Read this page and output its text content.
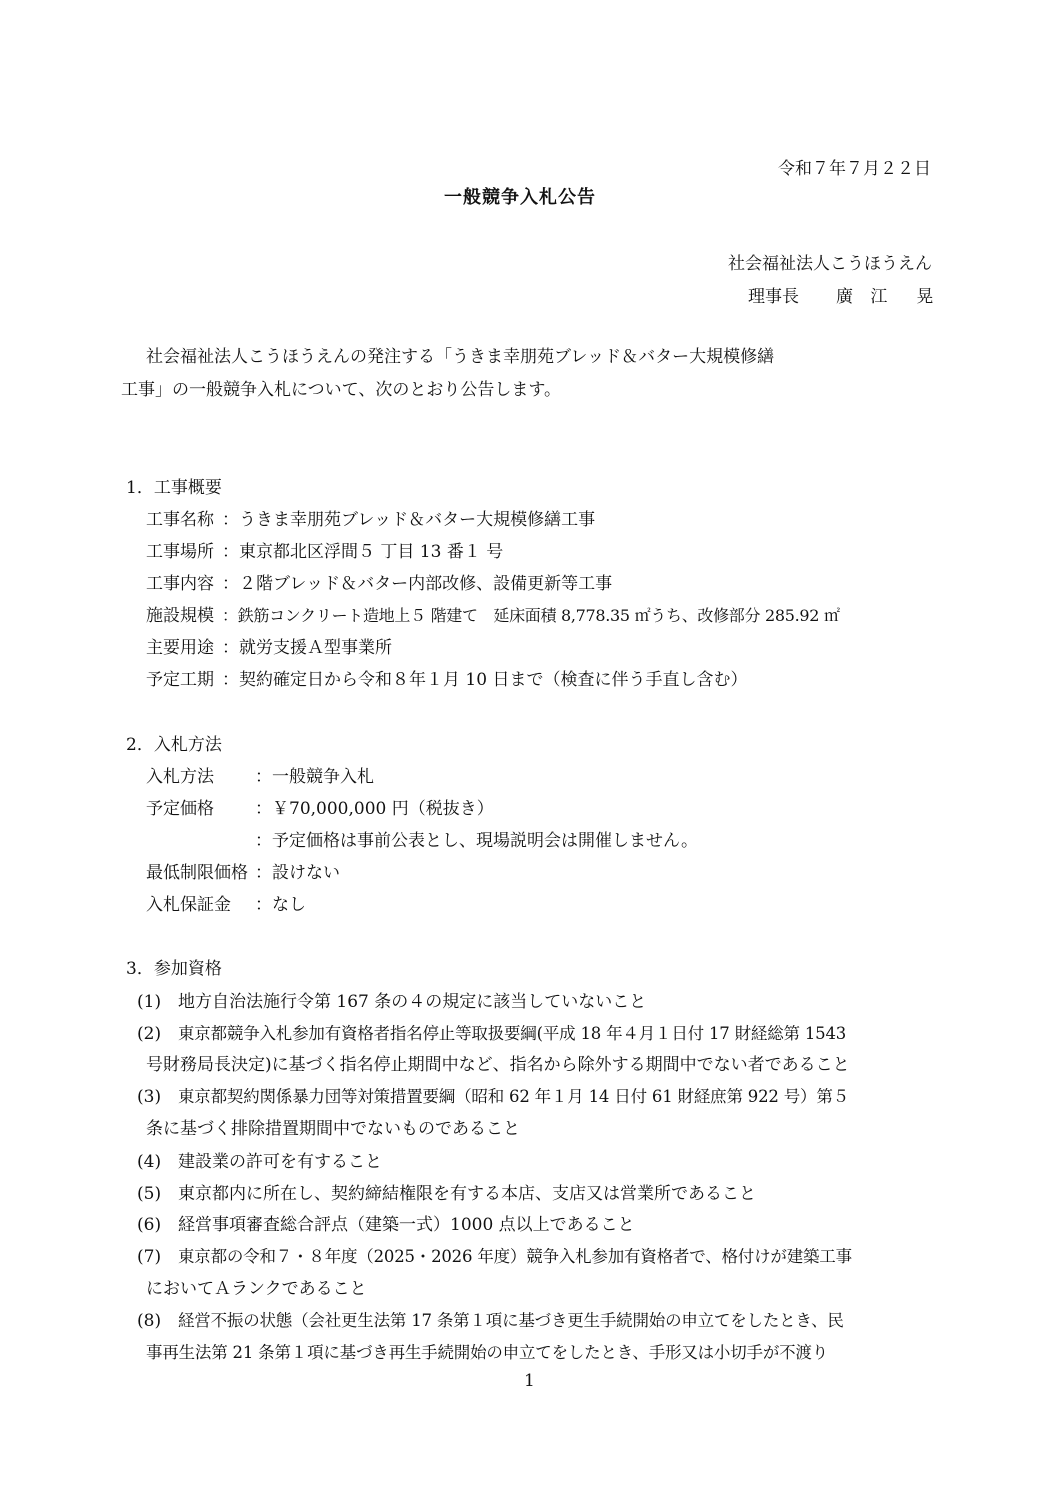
令和７年７月２２日
一般競争入札公告
社会福祉法人こうほうえん
理事長 廣 江　晃
社会福祉法人こうほうえんの発注する「うきま幸朋苑ブレッド＆バター大規模修繕
工事」の一般競争入札について、次のとおり公告します。
1．工事概要
工事名称 ：うきま幸朋苑ブレッド＆バター大規模修繕工事
工事場所 ：東京都北区浮間５ 丁目 13 番１ 号
工事内容 ：２階ブレッド＆バター内部改修、設備更新等工事
施設規模 ：鉄筋コンクリート造地上５ 階建て　延床面積 8,778.35 ㎡うち、改修部分 285.92 ㎡
主要用途 ：就労支援Ａ型事業所
予定工期 ：契約確定日から令和８年１月 10 日まで（検査に伴う手直し含む）
2．入札方法
入札方法 ：一般競争入札
予定価格 ：￥70,000,000 円（税抜き）
：予定価格は事前公表とし、現場説明会は開催しません。
最低制限価格 ：設けない
入札保証金 ：なし
3．参加資格
(1) 地方自治法施行令第 167 条の４の規定に該当していないこと
(2) 東京都競争入札参加有資格者指名停止等取扱要綱(平成 18 年４月１日付 17 財経総第 1543
号財務局長決定)に基づく指名停止期間中など、指名から除外する期間中でない者であること
(3) 東京都契約関係暴力団等対策措置要綱（昭和 62 年１月 14 日付 61 財経庶第 922 号）第５
条に基づく排除措置期間中でないものであること
(4) 建設業の許可を有すること
(5) 東京都内に所在し、契約締結権限を有する本店、支店又は営業所であること
(6) 経営事項審査総合評点（建築一式）1000 点以上であること
(7) 東京都の令和７・８年度（2025・2026 年度）競争入札参加有資格者で、格付けが建築工事
においてＡランクであること
(8) 経営不振の状態（会社更生法第 17 条第１項に基づき更生手続開始の申立てをしたとき、民
事再生法第 21 条第１項に基づき再生手続開始の申立てをしたとき、手形又は小切手が不渡り
1
